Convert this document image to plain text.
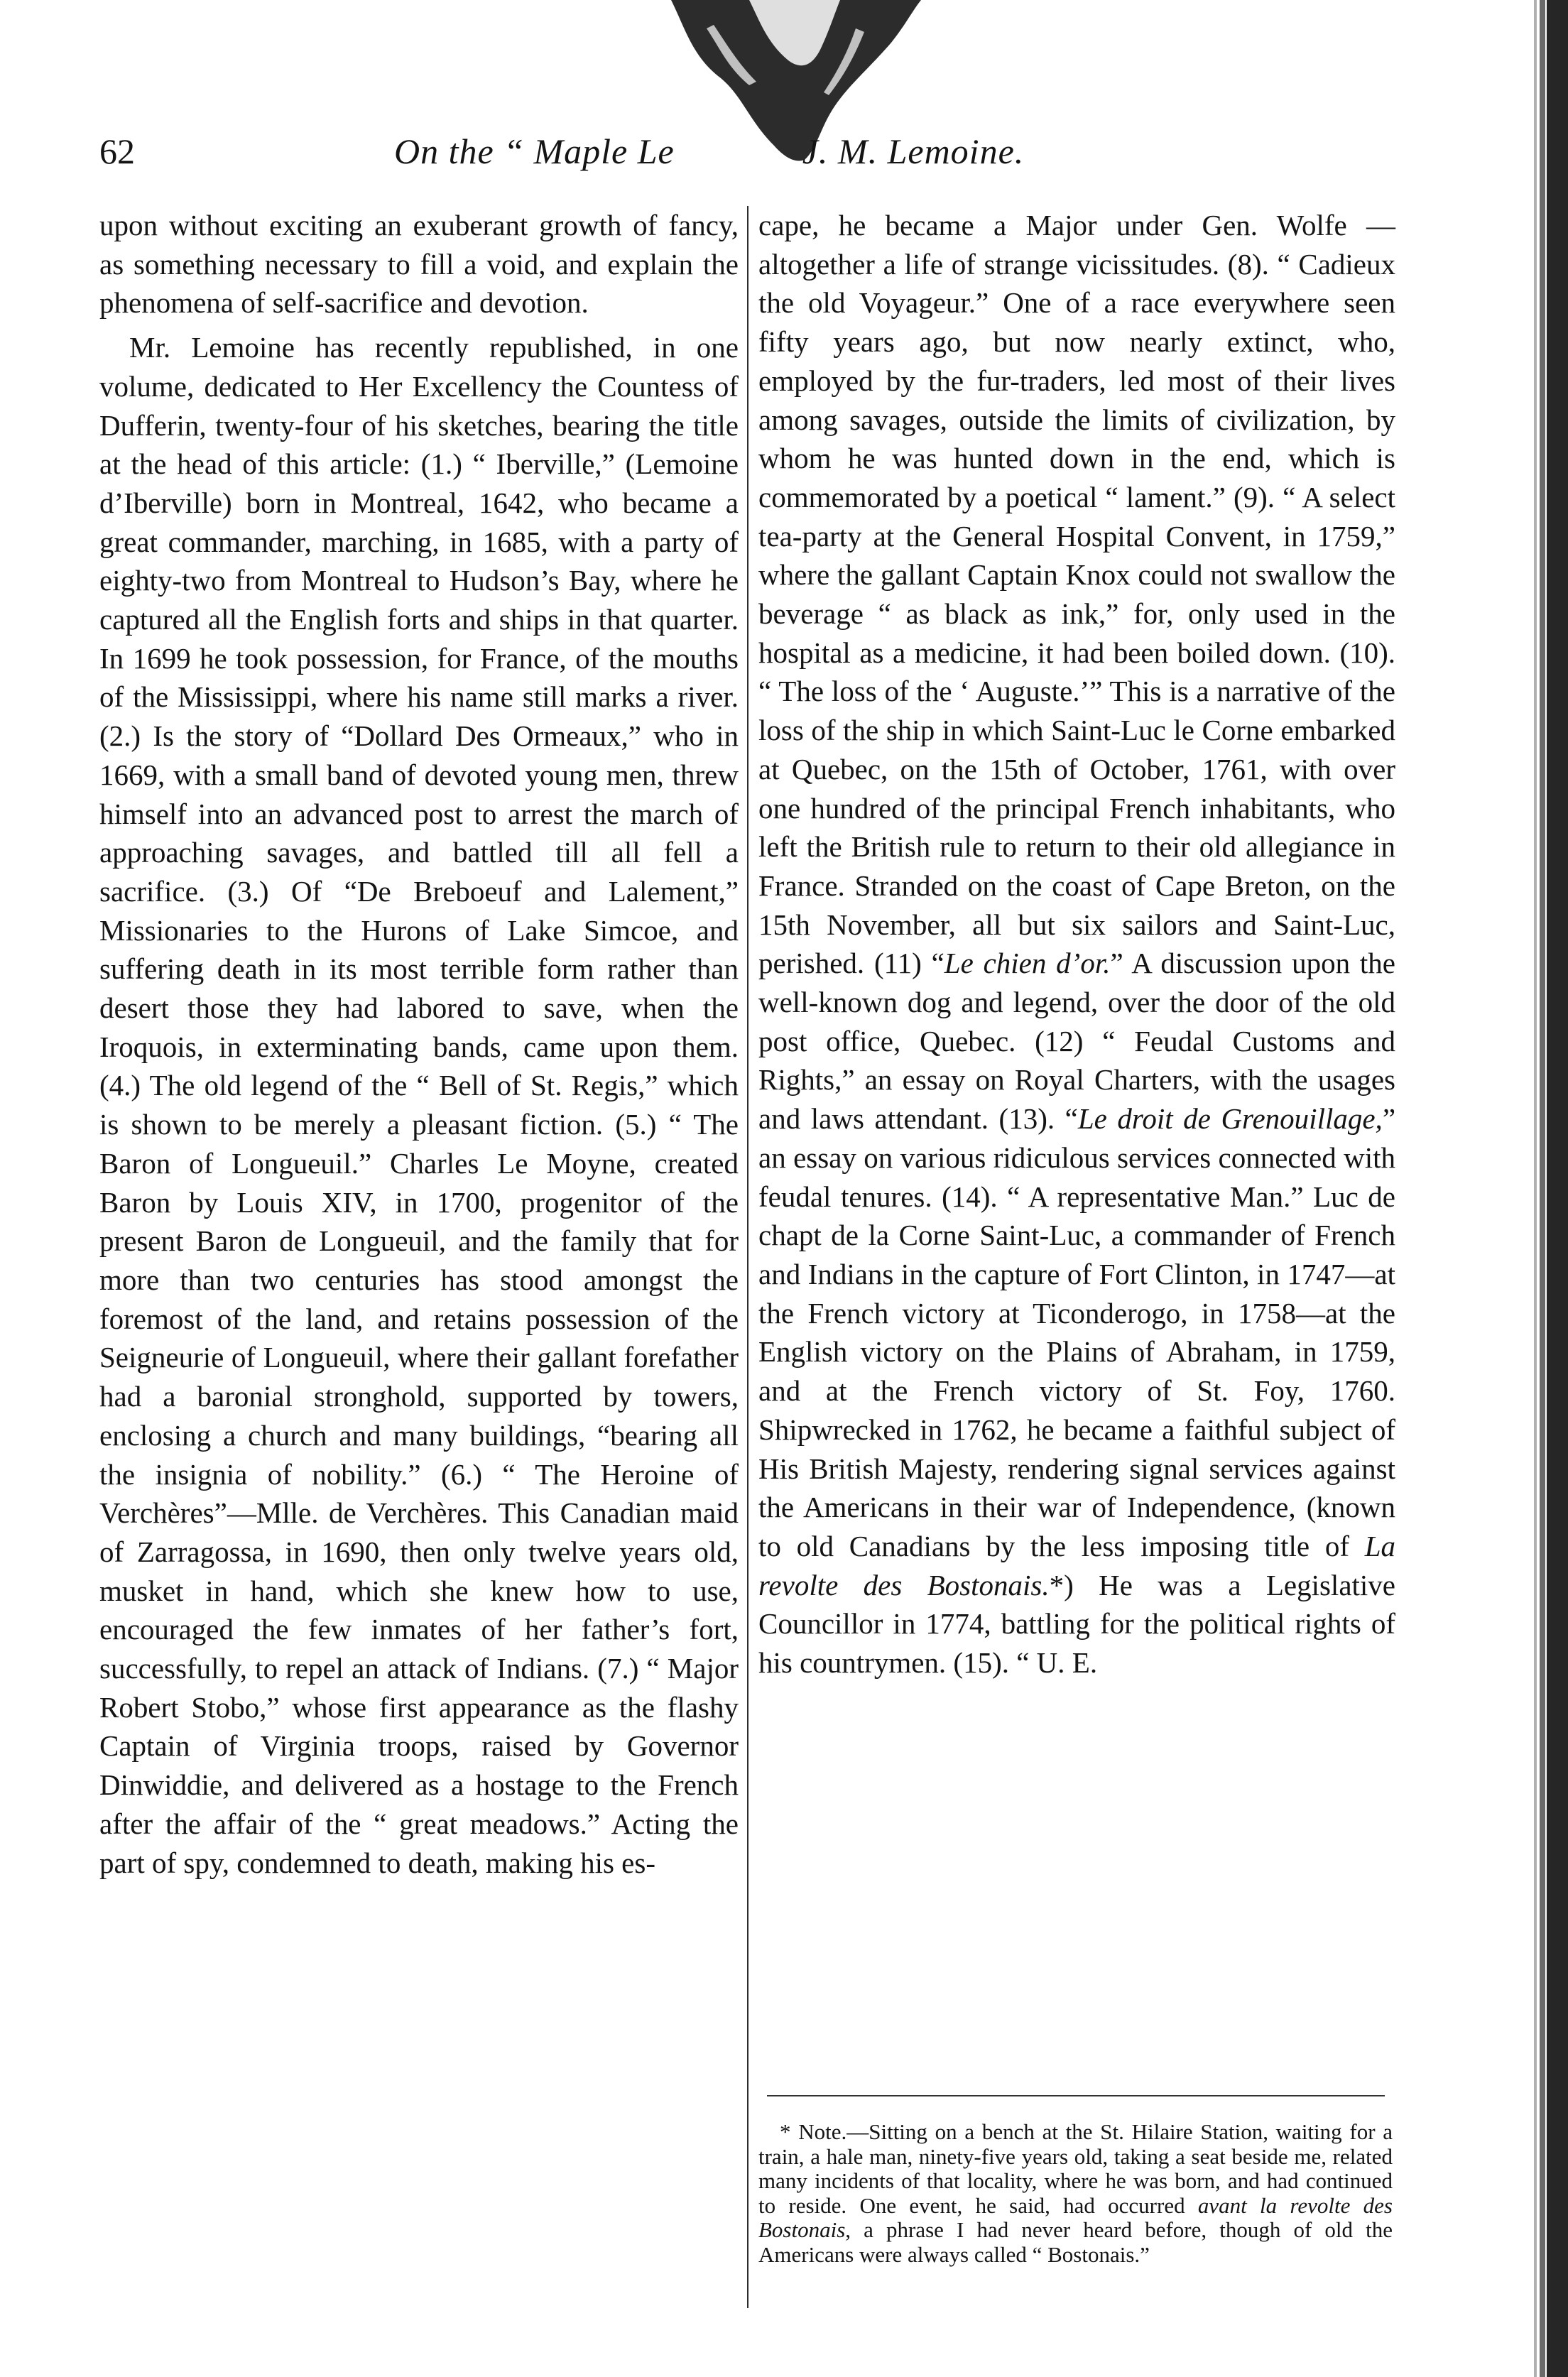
62	On the “ Maple Le	J. M. Lemoine.

upon without exciting an exuberant growth of fancy, as something necessary to fill a void, and explain the phenomena of self-sacrifice and devotion.

Mr. Lemoine has recently republished, in one volume, dedicated to Her Excellency the Countess of Dufferin, twenty-four of his sketches, bearing the title at the head of this article: (1.) “ Iberville,” (Lemoine d’Iberville) born in Montreal, 1642, who became a great commander, marching, in 1685, with a party of eighty-two from Montreal to Hudson’s Bay, where he captured all the English forts and ships in that quarter. In 1699 he took possession, for France, of the mouths of the Mississippi, where his name still marks a river. (2.) Is the story of “Dollard Des Ormeaux,” who in 1669, with a small band of devoted young men, threw himself into an advanced post to arrest the march of approaching savages, and battled till all fell a sacrifice. (3.) Of “De Breboeuf and Lalement,” Missionaries to the Hurons of Lake Simcoe, and suffering death in its most terrible form rather than desert those they had labored to save, when the Iroquois, in exterminating bands, came upon them. (4.) The old legend of the “ Bell of St. Regis,” which is shown to be merely a pleasant fiction. (5.) “ The Baron of Longueuil.” Charles Le Moyne, created Baron by Louis XIV, in 1700, progenitor of the present Baron de Longueuil, and the family that for more than two centuries has stood amongst the foremost of the land, and retains possession of the Seigneurie of Longueuil, where their gallant forefather had a baronial stronghold, supported by towers, enclosing a church and many buildings, “bearing all the insignia of nobility.” (6.) “ The Heroine of Verchères”—Mlle. de Verchères. This Canadian maid of Zarragossa, in 1690, then only twelve years old, musket in hand, which she knew how to use, encouraged the few inmates of her father’s fort, successfully, to repel an attack of Indians. (7.) “ Major Robert Stobo,” whose first appearance as the flashy Captain of Virginia troops, raised by Governor Dinwiddie, and delivered as a hostage to the French after the affair of the “ great meadows.” Acting the part of spy, condemned to death, making his es-

cape, he became a Major under Gen. Wolfe —altogether a life of strange vicissitudes. (8). “ Cadieux the old Voyageur.” One of a race everywhere seen fifty years ago, but now nearly extinct, who, employed by the fur-traders, led most of their lives among savages, outside the limits of civilization, by whom he was hunted down in the end, which is commemorated by a poetical “ lament.” (9). “ A select tea-party at the General Hospital Convent, in 1759,” where the gallant Captain Knox could not swallow the beverage “ as black as ink,” for, only used in the hospital as a medicine, it had been boiled down. (10). “ The loss of the ‘ Auguste.’” This is a narrative of the loss of the ship in which Saint-Luc le Corne embarked at Quebec, on the 15th of October, 1761, with over one hundred of the principal French inhabitants, who left the British rule to return to their old allegiance in France. Stranded on the coast of Cape Breton, on the 15th November, all but six sailors and Saint-Luc, perished. (11) “Le chien d’or.” A discussion upon the well-known dog and legend, over the door of the old post office, Quebec. (12) “ Feudal Customs and Rights,” an essay on Royal Charters, with the usages and laws attendant. (13). “Le droit de Grenouillage,” an essay on various ridiculous services connected with feudal tenures. (14). “ A representative Man.” Luc de chapt de la Corne Saint-Luc, a commander of French and Indians in the capture of Fort Clinton, in 1747—at the French victory at Ticonderogo, in 1758—at the English victory on the Plains of Abraham, in 1759, and at the French victory of St. Foy, 1760. Shipwrecked in 1762, he became a faithful subject of His British Majesty, rendering signal services against the Americans in their war of Independence, (known to old Canadians by the less imposing title of La revolte des Bostonais.*) He was a Legislative Councillor in 1774, battling for the political rights of his countrymen. (15). “ U. E.

* Note.—Sitting on a bench at the St. Hilaire Station, waiting for a train, a hale man, ninety-five years old, taking a seat beside me, related many incidents of that locality, where he was born, and had continued to reside. One event, he said, had occurred avant la revolte des Bostonais, a phrase I had never heard before, though of old the Americans were always called “ Bostonais.”
